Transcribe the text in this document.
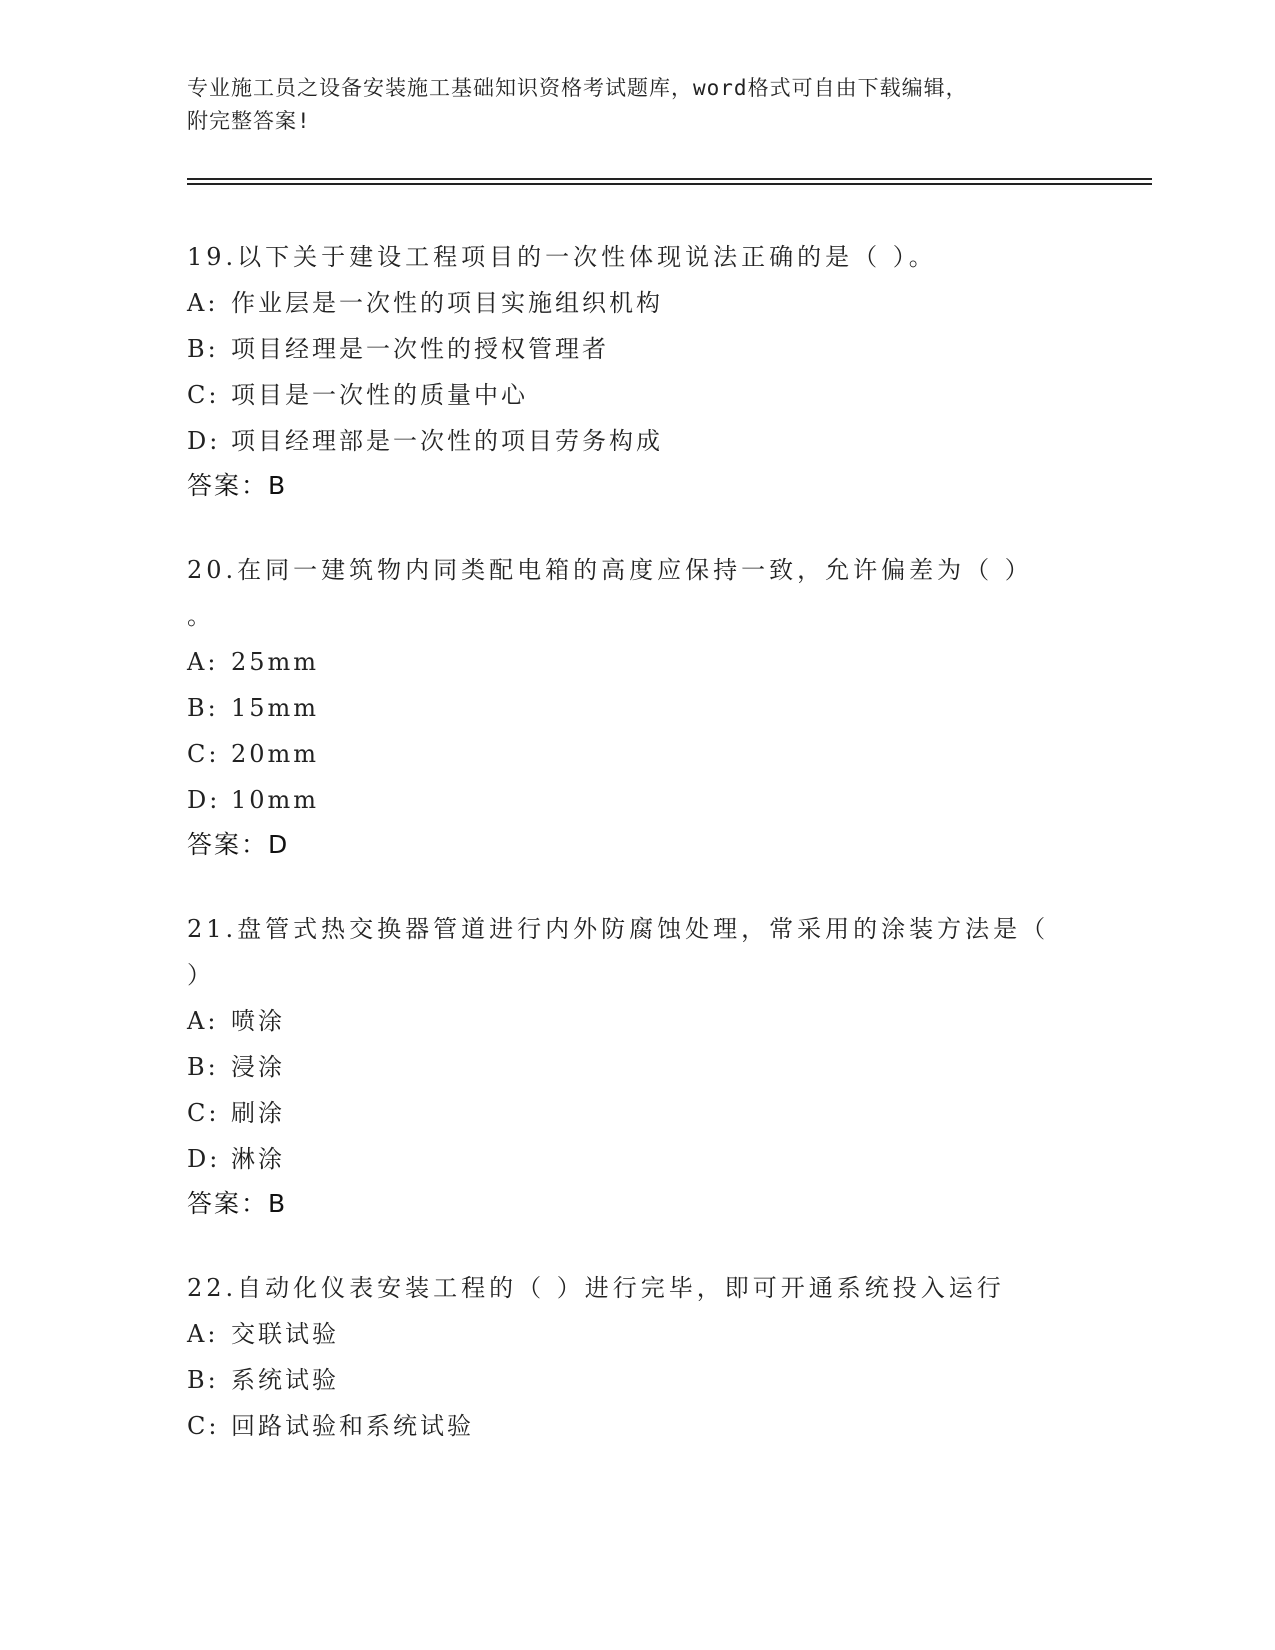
专业施工员之设备安装施工基础知识资格考试题库，word格式可自由下载编辑，
附完整答案!

19.以下关于建设工程项目的一次性体现说法正确的是（ ）。

A: 作业层是一次性的项目实施组织机构

B: 项目经理是一次性的授权管理者

C: 项目是一次性的质量中心

D: 项目经理部是一次性的项目劳务构成

答案：B

20.在同一建筑物内同类配电箱的高度应保持一致，允许偏差为（ ）
。

A: 25mm

B: 15mm

C: 20mm

D: 10mm

答案：D

21.盘管式热交换器管道进行内外防腐蚀处理，常采用的涂装方法是（
）

A: 喷涂

B: 浸涂

C: 刷涂

D: 淋涂

答案：B

22.自动化仪表安装工程的（ ）进行完毕，即可开通系统投入运行

A: 交联试验

B: 系统试验

C: 回路试验和系统试验
